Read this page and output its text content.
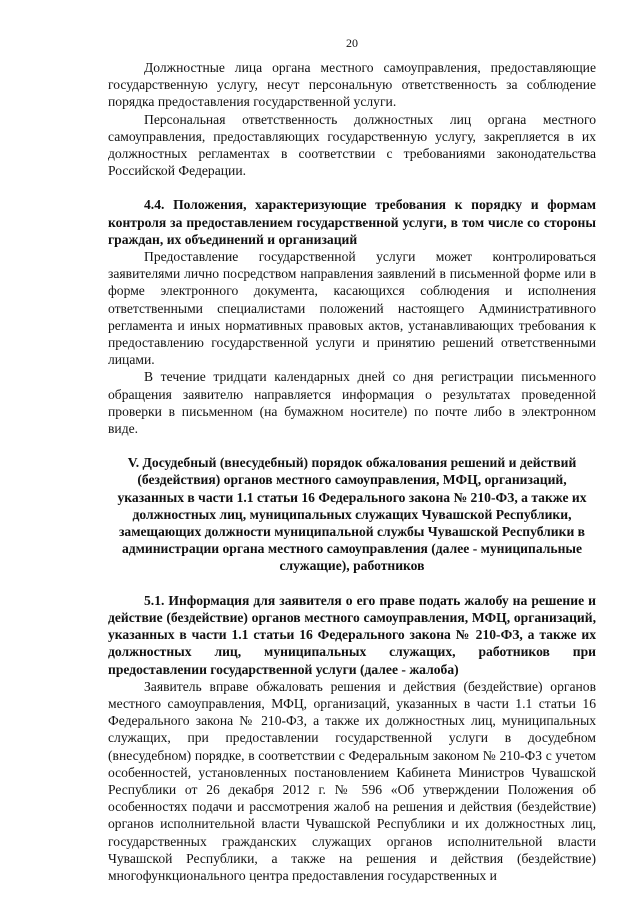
20

Должностные лица органа местного самоуправления, предоставляющие государственную услугу, несут персональную ответственность за соблюдение порядка предоставления государственной услуги.

Персональная ответственность должностных лиц органа местного самоуправления, предоставляющих государственную услугу, закрепляется в их должностных регламентах в соответствии с требованиями законодательства Российской Федерации.

4.4. Положения, характеризующие требования к порядку и формам контроля за предоставлением государственной услуги, в том числе со стороны граждан, их объединений и организаций

Предоставление государственной услуги может контролироваться заявителями лично посредством направления заявлений в письменной форме или в форме электронного документа, касающихся соблюдения и исполнения ответственными специалистами положений настоящего Административного регламента и иных нормативных правовых актов, устанавливающих требования к предоставлению государственной услуги и принятию решений ответственными лицами.

В течение тридцати календарных дней со дня регистрации письменного обращения заявителю направляется информация о результатах проведенной проверки в письменном (на бумажном носителе) по почте либо в электронном виде.

V. Досудебный (внесудебный) порядок обжалования решений и действий (бездействия) органов местного самоуправления, МФЦ, организаций, указанных в части 1.1 статьи 16 Федерального закона № 210-ФЗ, а также их должностных лиц, муниципальных служащих Чувашской Республики, замещающих должности муниципальной службы Чувашской Республики в администрации органа местного самоуправления (далее - муниципальные служащие), работников

5.1. Информация для заявителя о его праве подать жалобу на решение и действие (бездействие) органов местного самоуправления, МФЦ, организаций, указанных в части 1.1 статьи 16 Федерального закона № 210-ФЗ, а также их должностных лиц, муниципальных служащих, работников при предоставлении государственной услуги (далее - жалоба)

Заявитель вправе обжаловать решения и действия (бездействие) органов местного самоуправления, МФЦ, организаций, указанных в части 1.1 статьи 16 Федерального закона № 210-ФЗ, а также их должностных лиц, муниципальных служащих, при предоставлении государственной услуги в досудебном (внесудебном) порядке, в соответствии с Федеральным законом № 210-ФЗ с учетом особенностей, установленных постановлением Кабинета Министров Чувашской Республики от 26 декабря 2012 г. № 596 «Об утверждении Положения об особенностях подачи и рассмотрения жалоб на решения и действия (бездействие) органов исполнительной власти Чувашской Республики и их должностных лиц, государственных гражданских служащих органов исполнительной власти Чувашской Республики, а также на решения и действия (бездействие) многофункционального центра предоставления государственных и
